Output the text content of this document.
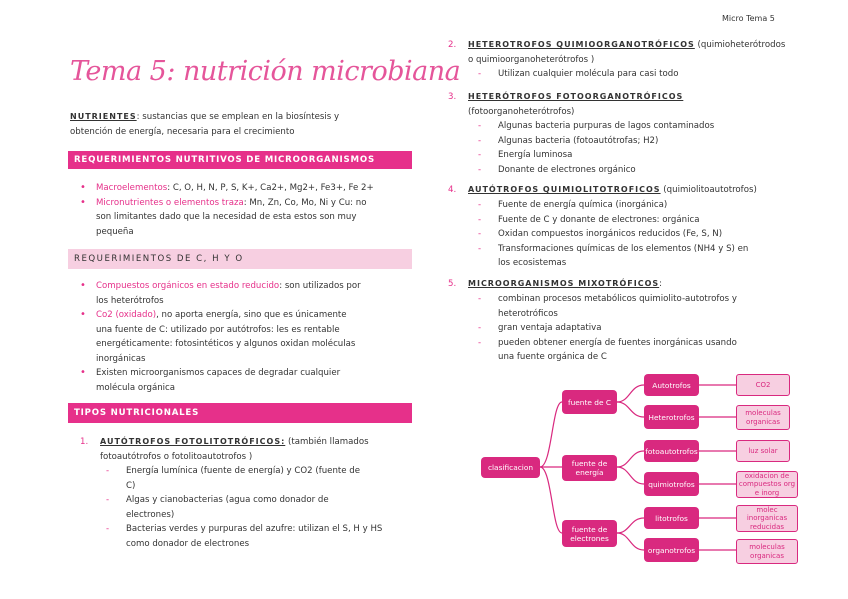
Micro Tema 5
Tema 5: nutrición microbiana
NUTRIENTES: sustancias que se emplean en la biosíntesis y
obtención de energía, necesaria para el crecimiento
REQUERIMIENTOS NUTRITIVOS DE MICROORGANISMOS
• Macroelementos: C, O, H, N, P, S, K+, Ca2+, Mg2+, Fe3+, Fe 2+
• Micronutrientes o elementos traza: Mn, Zn, Co, Mo, Ni y Cu: no
son limitantes dado que la necesidad de esta estos son muy
pequeña
REQUERIMIENTOS DE C, H Y O
• Compuestos orgánicos en estado reducido: son utilizados por
los heterótrofos
• Co2 (oxidado), no aporta energía, sino que es únicamente
una fuente de C: utilizado por autótrofos: les es rentable
energéticamente: fotosintéticos y algunos oxidan moléculas
inorgánicas
• Existen microorganismos capaces de degradar cualquier
molécula orgánica
TIPOS NUTRICIONALES
1. AUTÓTROFOS FOTOLITOTRÓFICOS: (también llamados
fotoautótrofos o fotolitoautotrofos )
- Energía lumínica (fuente de energía) y CO2 (fuente de
C)
- Algas y cianobacterias (agua como donador de
electrones)
- Bacterias verdes y purpuras del azufre: utilizan el S, H y HS
como donador de electrones
2. HETEROTROFOS QUIMIOORGANOTRÓFICOS (quimioheterótrodos
o quimioorganoheterótrofos )
- Utilizan cualquier molécula para casi todo
3. HETERÓTROFOS FOTOORGANOTRÓFICOS
(fotoorganoheterótrofos)
- Algunas bacteria purpuras de lagos contaminados
- Algunas bacteria (fotoautótrofas; H2)
- Energía luminosa
- Donante de electrones orgánico
4. AUTÓTROFOS QUIMIOLITOTROFICOS (quimiolitoautotrofos)
- Fuente de energía química (inorgánica)
- Fuente de C y donante de electrones: orgánica
- Oxidan compuestos inorgánicos reducidos (Fe, S, N)
- Transformaciones químicas de los elementos (NH4 y S) en
los ecosistemas
5. MICROORGANISMOS MIXOTRÓFICOS:
- combinan procesos metabólicos quimiolito-autotrofos y
heterotróficos
- gran ventaja adaptativa
- pueden obtener energía de fuentes inorgánicas usando
una fuente orgánica de C
clasificacion
fuente de C
fuente de energía
fuente de electrones
Autotrofos
Heterotrofos
fotoautotrofos
quimiotrofos
litotrofos
organotrofos
CO2
moleculas organicas
luz solar
oxidacion de compuestos org e inorg
molec inorganicas reducidas
moleculas organicas
